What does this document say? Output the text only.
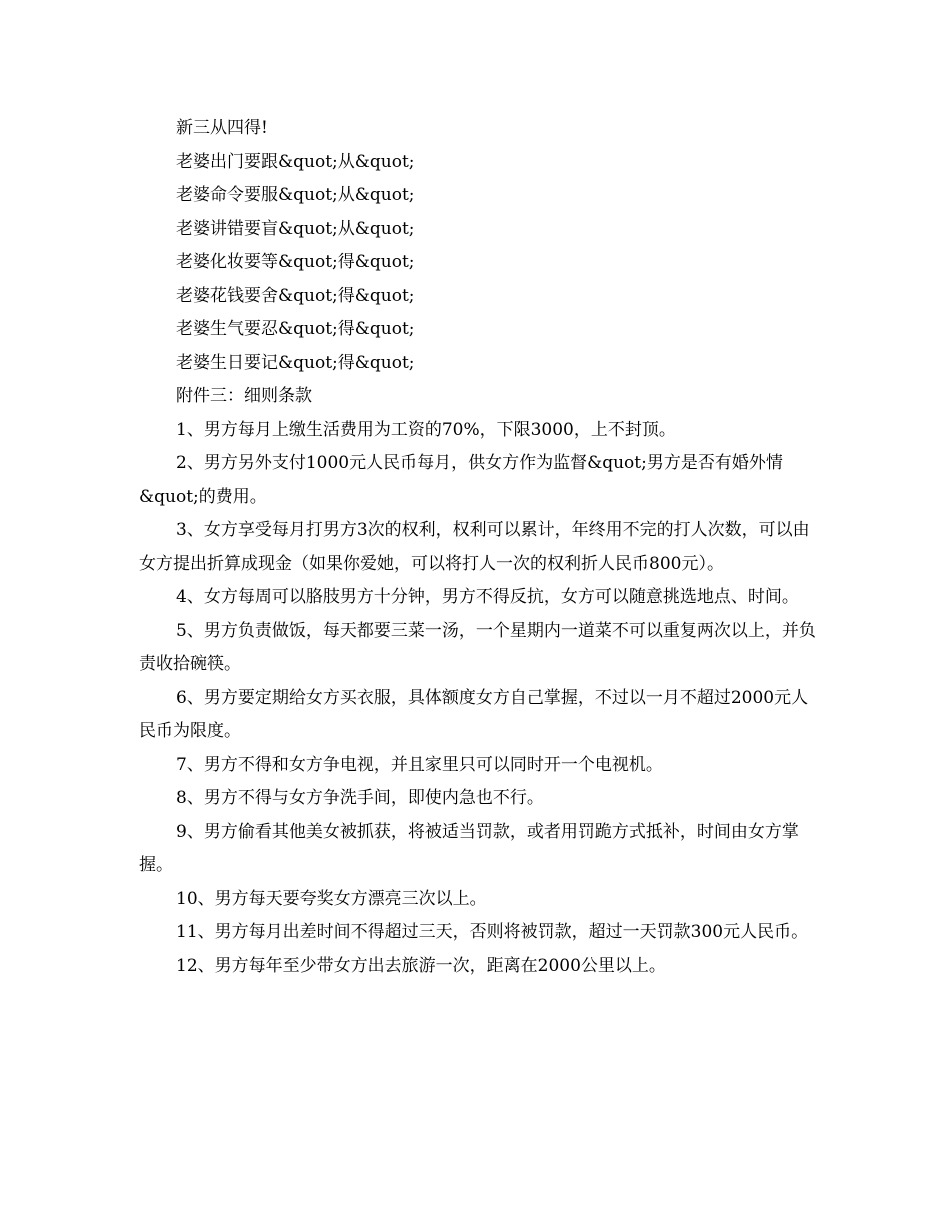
新三从四得!
老婆出门要跟&quot;从&quot;
老婆命令要服&quot;从&quot;
老婆讲错要盲&quot;从&quot;
老婆化妆要等&quot;得&quot;
老婆花钱要舍&quot;得&quot;
老婆生气要忍&quot;得&quot;
老婆生日要记&quot;得&quot;
附件三：细则条款

1、男方每月上缴生活费用为工资的70%，下限3000，上不封顶。

2、男方另外支付1000元人民币每月，供女方作为监督&quot;男方是否有婚外情&quot;的费用。

3、女方享受每月打男方3次的权利，权利可以累计，年终用不完的打人次数，可以由女方提出折算成现金（如果你爱她，可以将打人一次的权利折人民币800元）。

4、女方每周可以胳肢男方十分钟，男方不得反抗，女方可以随意挑选地点、时间。

5、男方负责做饭，每天都要三菜一汤，一个星期内一道菜不可以重复两次以上，并负责收拾碗筷。

6、男方要定期给女方买衣服，具体额度女方自己掌握，不过以一月不超过2000元人民币为限度。

7、男方不得和女方争电视，并且家里只可以同时开一个电视机。

8、男方不得与女方争洗手间，即使内急也不行。

9、男方偷看其他美女被抓获，将被适当罚款，或者用罚跪方式抵补，时间由女方掌握。

10、男方每天要夸奖女方漂亮三次以上。

11、男方每月出差时间不得超过三天，否则将被罚款，超过一天罚款300元人民币。

12、男方每年至少带女方出去旅游一次，距离在2000公里以上。
